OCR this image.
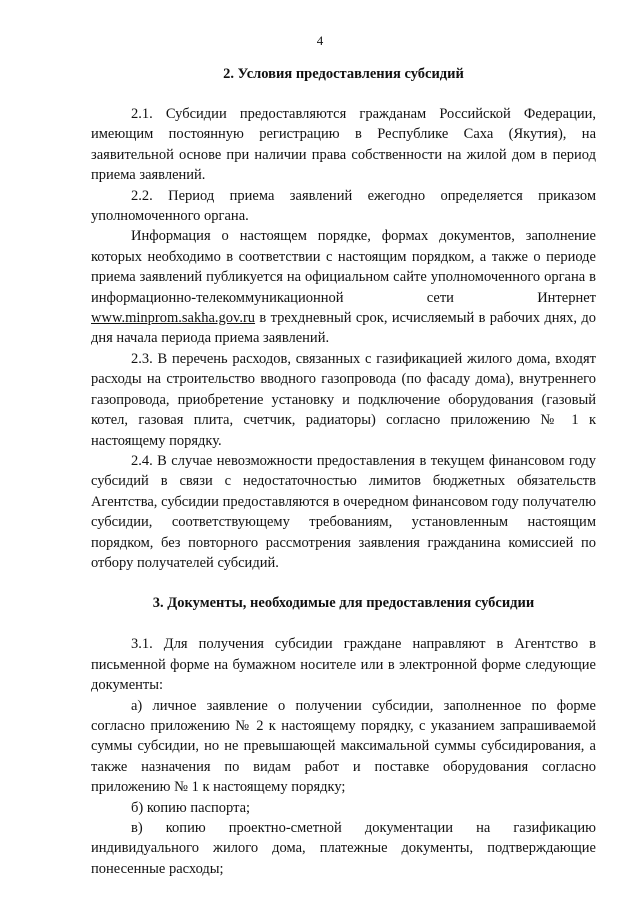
4
2. Условия предоставления субсидий

2.1. Субсидии предоставляются гражданам Российской Федерации, имеющим постоянную регистрацию в Республике Саха (Якутия), на заявительной основе при наличии права собственности на жилой дом в период приема заявлений.

2.2. Период приема заявлений ежегодно определяется приказом уполномоченного органа.

Информация о настоящем порядке, формах документов, заполнение которых необходимо в соответствии с настоящим порядком, а также о периоде приема заявлений публикуется на официальном сайте уполномоченного органа в информационно-телекоммуникационной сети Интернет www.minprom.sakha.gov.ru в трехдневный срок, исчисляемый в рабочих днях, до дня начала периода приема заявлений.

2.3. В перечень расходов, связанных с газификацией жилого дома, входят расходы на строительство вводного газопровода (по фасаду дома), внутреннего газопровода, приобретение установку и подключение оборудования (газовый котел, газовая плита, счетчик, радиаторы) согласно приложению № 1 к настоящему порядку.

2.4. В случае невозможности предоставления в текущем финансовом году субсидий в связи с недостаточностью лимитов бюджетных обязательств Агентства, субсидии предоставляются в очередном финансовом году получателю субсидии, соответствующему требованиям, установленным настоящим порядком, без повторного рассмотрения заявления гражданина комиссией по отбору получателей субсидий.

3. Документы, необходимые для предоставления субсидии

3.1. Для получения субсидии граждане направляют в Агентство в письменной форме на бумажном носителе или в электронной форме следующие документы:

а) личное заявление о получении субсидии, заполненное по форме согласно приложению № 2 к настоящему порядку, с указанием запрашиваемой суммы субсидии, но не превышающей максимальной суммы субсидирования, а также назначения по видам работ и поставке оборудования согласно приложению № 1 к настоящему порядку;

б) копию паспорта;

в) копию проектно-сметной документации на газификацию индивидуального жилого дома, платежные документы, подтверждающие понесенные расходы;
